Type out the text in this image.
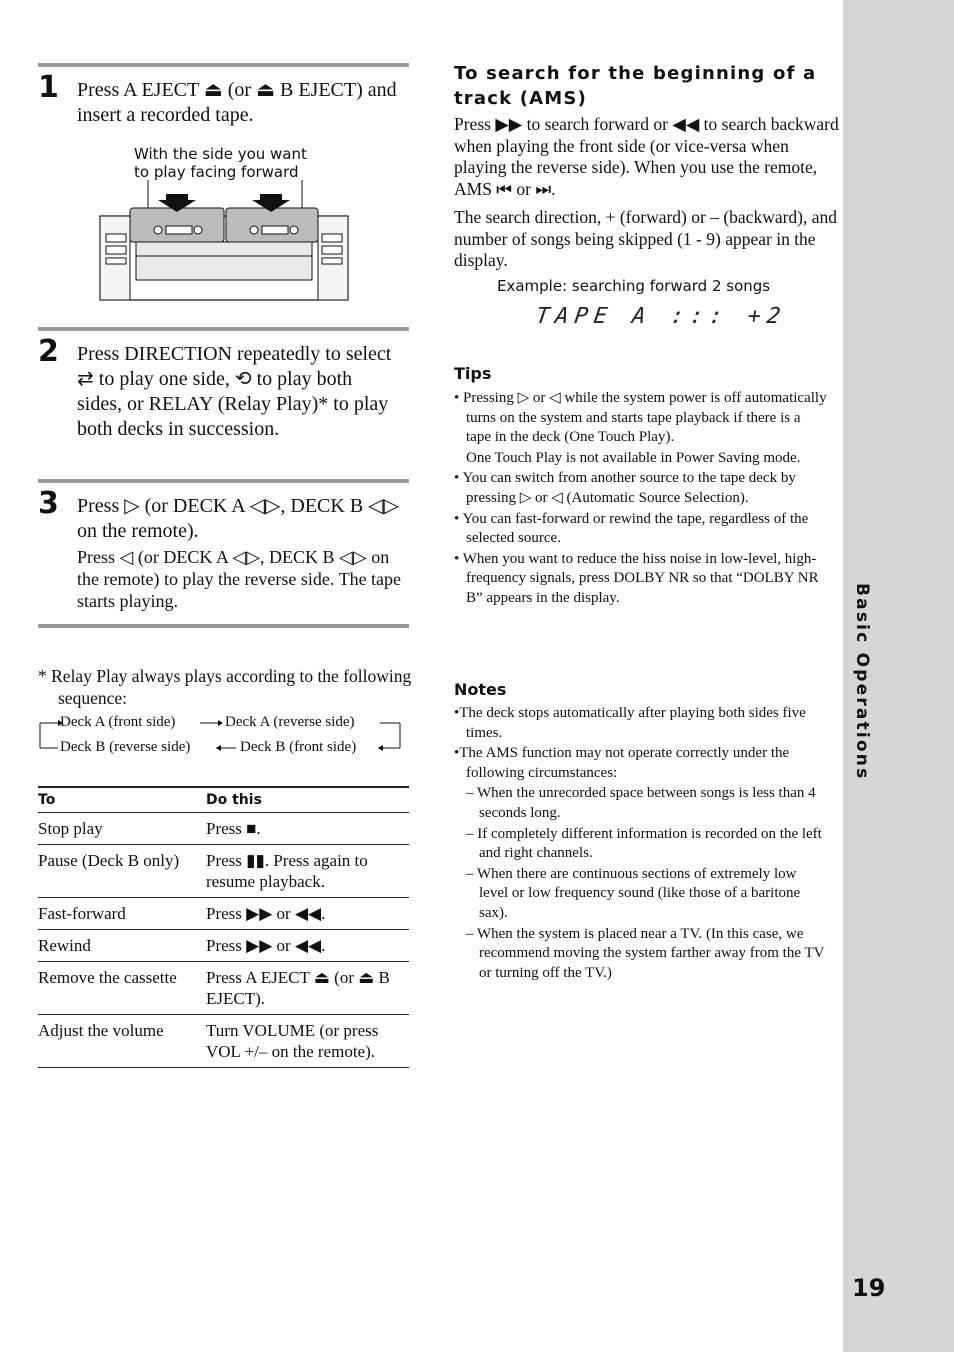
Basic Operations
19
1 Press A EJECT ⏏ (or ⏏ B EJECT) and insert a recorded tape.
With the side you want
to play facing forward
2 Press DIRECTION repeatedly to select ⇄ to play one side, ⟲ to play both sides, or RELAY (Relay Play)* to play both decks in succession.
3 Press ▷ (or DECK A ◁▷, DECK B ◁▷ on the remote).
Press ◁ (or DECK A ◁▷, DECK B ◁▷ on the remote) to play the reverse side. The tape starts playing.
* Relay Play always plays according to the following sequence:
Deck A (front side)	Deck A (reverse side)
Deck B (reverse side)	Deck B (front side)
To	Do this
Stop play	Press ■.
Pause (Deck B only)	Press ▮▮. Press again to resume playback.
Fast-forward	Press ▶▶ or ◀◀.
Rewind	Press ▶▶ or ◀◀.
Remove the cassette	Press A EJECT ⏏ (or ⏏ B EJECT).
Adjust the volume	Turn VOLUME (or press VOL +/– on the remote).
To search for the beginning of a track (AMS)
Press ▶▶ to search forward or ◀◀ to search backward when playing the front side (or vice-versa when playing the reverse side). When you use the remote, AMS ⏮ or ⏭.
The search direction, + (forward) or – (backward), and number of songs being skipped (1 - 9) appear in the display.
Example: searching forward 2 songs
TAPE A ::: +2
Tips
• Pressing ▷ or ◁ while the system power is off automatically turns on the system and starts tape playback if there is a tape in the deck (One Touch Play).
One Touch Play is not available in Power Saving mode.
• You can switch from another source to the tape deck by pressing ▷ or ◁ (Automatic Source Selection).
• You can fast-forward or rewind the tape, regardless of the selected source.
• When you want to reduce the hiss noise in low-level, high-frequency signals, press DOLBY NR so that “DOLBY NR B” appears in the display.
Notes
•The deck stops automatically after playing both sides five times.
•The AMS function may not operate correctly under the following circumstances:
– When the unrecorded space between songs is less than 4 seconds long.
– If completely different information is recorded on the left and right channels.
– When there are continuous sections of extremely low level or low frequency sound (like those of a baritone sax).
– When the system is placed near a TV. (In this case, we recommend moving the system farther away from the TV or turning off the TV.)
